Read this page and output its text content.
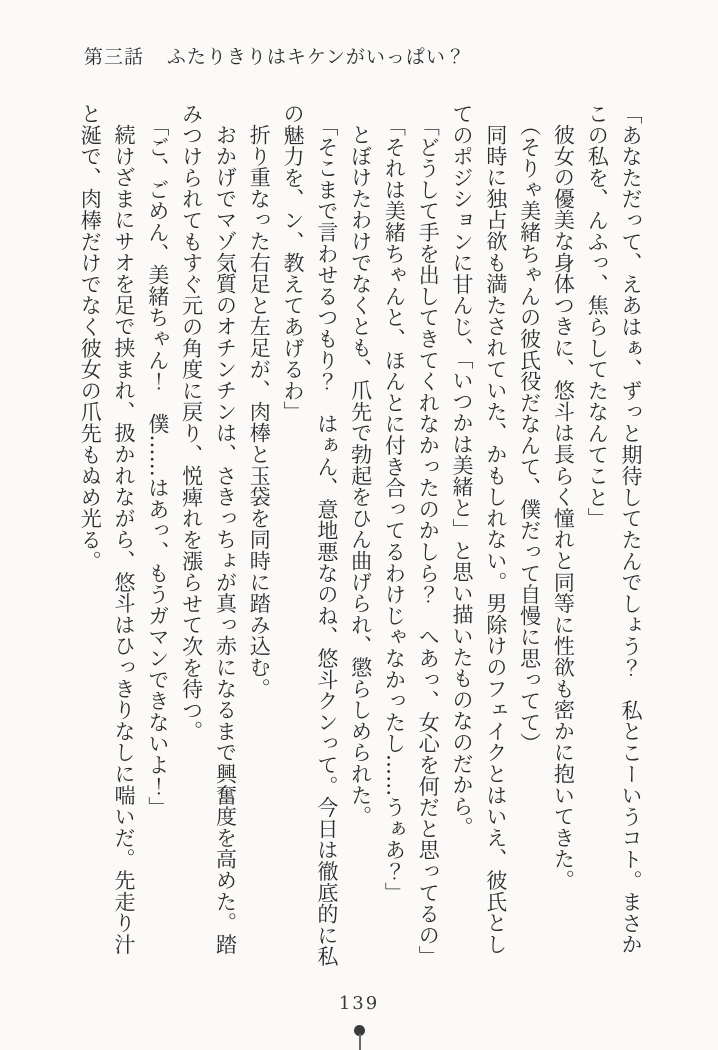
第三話 ふたりきりはキケンがいっぱい？

「あなただって、えあはぁ、ずっと期待してたんでしょう？　私とこーいうコト。まさか

この私を、んふっ、焦らしてたなんてこと」

彼女の優美な身体つきに、悠斗は長らく憧れと同等に性欲も密かに抱いてきた。

（そりゃ美緒ちゃんの彼氏役だなんて、僕だって自慢に思ってて）

同時に独占欲も満たされていた、かもしれない。男除けのフェイクとはいえ、彼氏とし

てのポジションに甘んじ、「いつかは美緒と」と思い描いたものなのだから。

「どうして手を出してきてくれなかったのかしら？　へあっ、女心を何だと思ってるの」

「それは美緒ちゃんと、ほんとに付き合ってるわけじゃなかったし……うぁあ？」

とぼけたわけでなくとも、爪先で勃起をひん曲げられ、懲らしめられた。

「そこまで言わせるつもり？　はぁん、意地悪なのね、悠斗クンって。今日は徹底的に私

の魅力を、ン、教えてあげるわ」

折り重なった右足と左足が、肉棒と玉袋を同時に踏み込む。

おかげでマゾ気質のオチンチンは、さきっちょが真っ赤になるまで興奮度を高めた。踏

みつけられてもすぐ元の角度に戻り、悦痺れを漲らせて次を待つ。

「ご、ごめん、美緒ちゃん！　僕……はあっ、もうガマンできないよ！」

続けざまにサオを足で挟まれ、扱かれながら、悠斗はひっきりなしに喘いだ。先走り汁

と涎で、肉棒だけでなく彼女の爪先もぬめ光る。

139
